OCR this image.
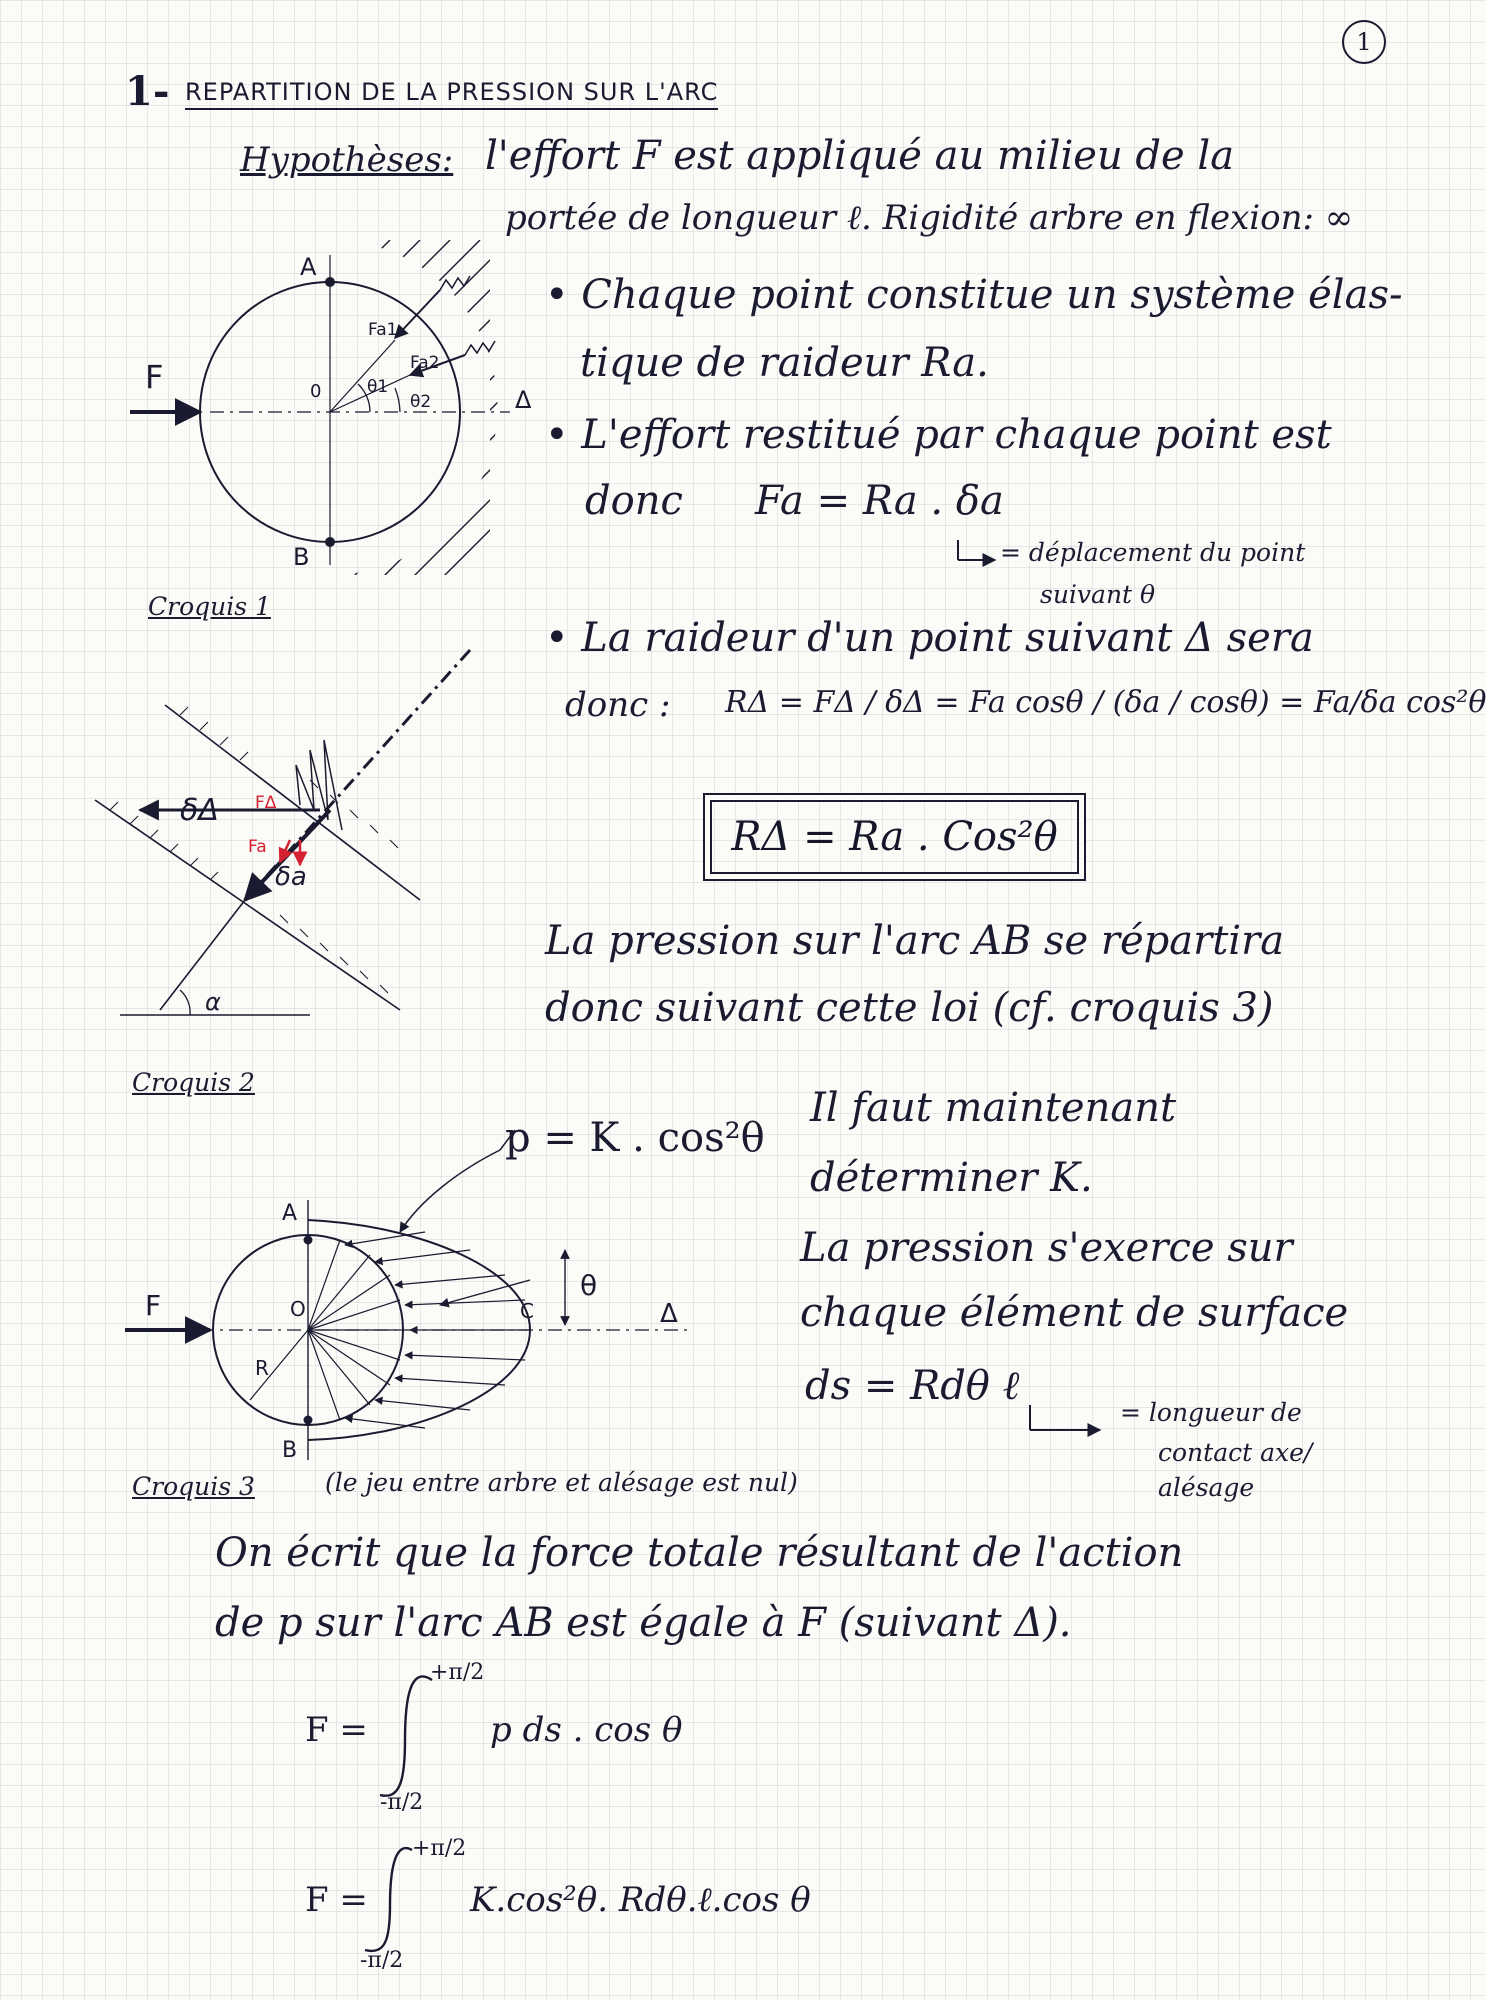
1
1- REPARTITION DE LA PRESSION SUR L'ARC
Hypothèses: l'effort F est appliqué au milieu de la
portée de longueur ℓ. Rigidité arbre en flexion: ∞
• Chaque point constitue un système élas-
tique de raideur Ra.
• L'effort restitué par chaque point est
donc Fa = Ra . δa
= déplacement du point
suivant θ
• La raideur d'un point suivant Δ sera
donc : RΔ = FΔ / δΔ = Fa cosθ / (δa / cosθ) = Fa/δa cos²θ
RΔ = Ra . Cos²θ
La pression sur l'arc AB se répartira
donc suivant cette loi (cf. croquis 3)
Il faut maintenant
déterminer K.
La pression s'exerce sur
chaque élément de surface
ds = Rdθ ℓ
= longueur de
contact axe/
alésage
On écrit que la force totale résultant de l'action
de p sur l'arc AB est égale à F (suivant Δ).
F =
+π/2
-π/2
p ds . cos θ
F =
+π/2
-π/2
K.cos²θ. Rdθ.ℓ.cos θ
Croquis 1
Croquis 2
Croquis 3	(le jeu entre arbre et alésage est nul)
p = K . cos²θ
A
B
F	0
Fa1
Fa2
θ1
θ2	Δ
δΔ FΔ
Fa
δa
α
A
B
F	O
R
C
θ
Δ
